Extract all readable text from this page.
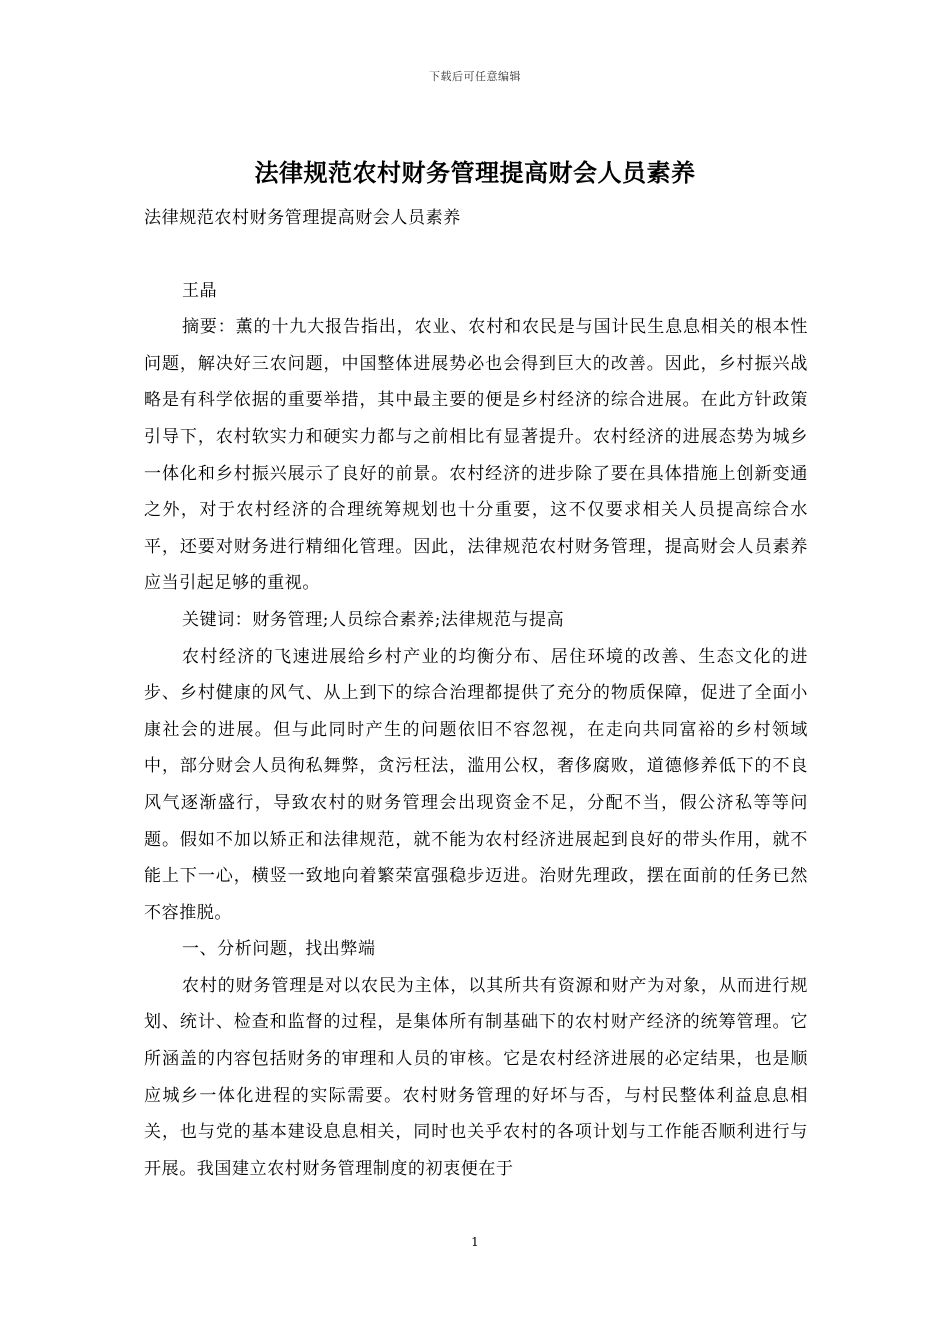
下载后可任意编辑
法律规范农村财务管理提高财会人员素养

法律规范农村财务管理提高财会人员素养

王晶

摘要：薫的十九大报告指出，农业、农村和农民是与国计民生息息相关的根本性问题，解决好三农问题，中国整体进展势必也会得到巨大的改善。因此，乡村振兴战略是有科学依据的重要举措，其中最主要的便是乡村经济的综合进展。在此方针政策引导下，农村软实力和硬实力都与之前相比有显著提升。农村经济的进展态势为城乡一体化和乡村振兴展示了良好的前景。农村经济的进步除了要在具体措施上创新变通之外，对于农村经济的合理统筹规划也十分重要，这不仅要求相关人员提高综合水平，还要对财务进行精细化管理。因此，法律规范农村财务管理，提高财会人员素养应当引起足够的重视。

关键词：财务管理;人员综合素养;法律规范与提高

农村经济的飞速进展给乡村产业的均衡分布、居住环境的改善、生态文化的进步、乡村健康的风气、从上到下的综合治理都提供了充分的物质保障，促进了全面小康社会的进展。但与此同时产生的问题依旧不容忽视，在走向共同富裕的乡村领域中，部分财会人员徇私舞弊，贪污枉法，滥用公权，奢侈腐败，道德修养低下的不良风气逐渐盛行，导致农村的财务管理会出现资金不足，分配不当，假公济私等等问题。假如不加以矫正和法律规范，就不能为农村经济进展起到良好的带头作用，就不能上下一心，横竖一致地向着繁荣富强稳步迈进。治财先理政，摆在面前的任务已然不容推脱。

一、分析问题，找出弊端

农村的财务管理是对以农民为主体，以其所共有资源和财产为对象，从而进行规划、统计、检查和监督的过程，是集体所有制基础下的农村财产经济的统筹管理。它所涵盖的内容包括财务的审理和人员的审核。它是农村经济进展的必定结果，也是顺应城乡一体化进程的实际需要。农村财务管理的好坏与否，与村民整体利益息息相关，也与党的基本建设息息相关，同时也关乎农村的各项计划与工作能否顺利进行与开展。我国建立农村财务管理制度的初衷便在于

1
